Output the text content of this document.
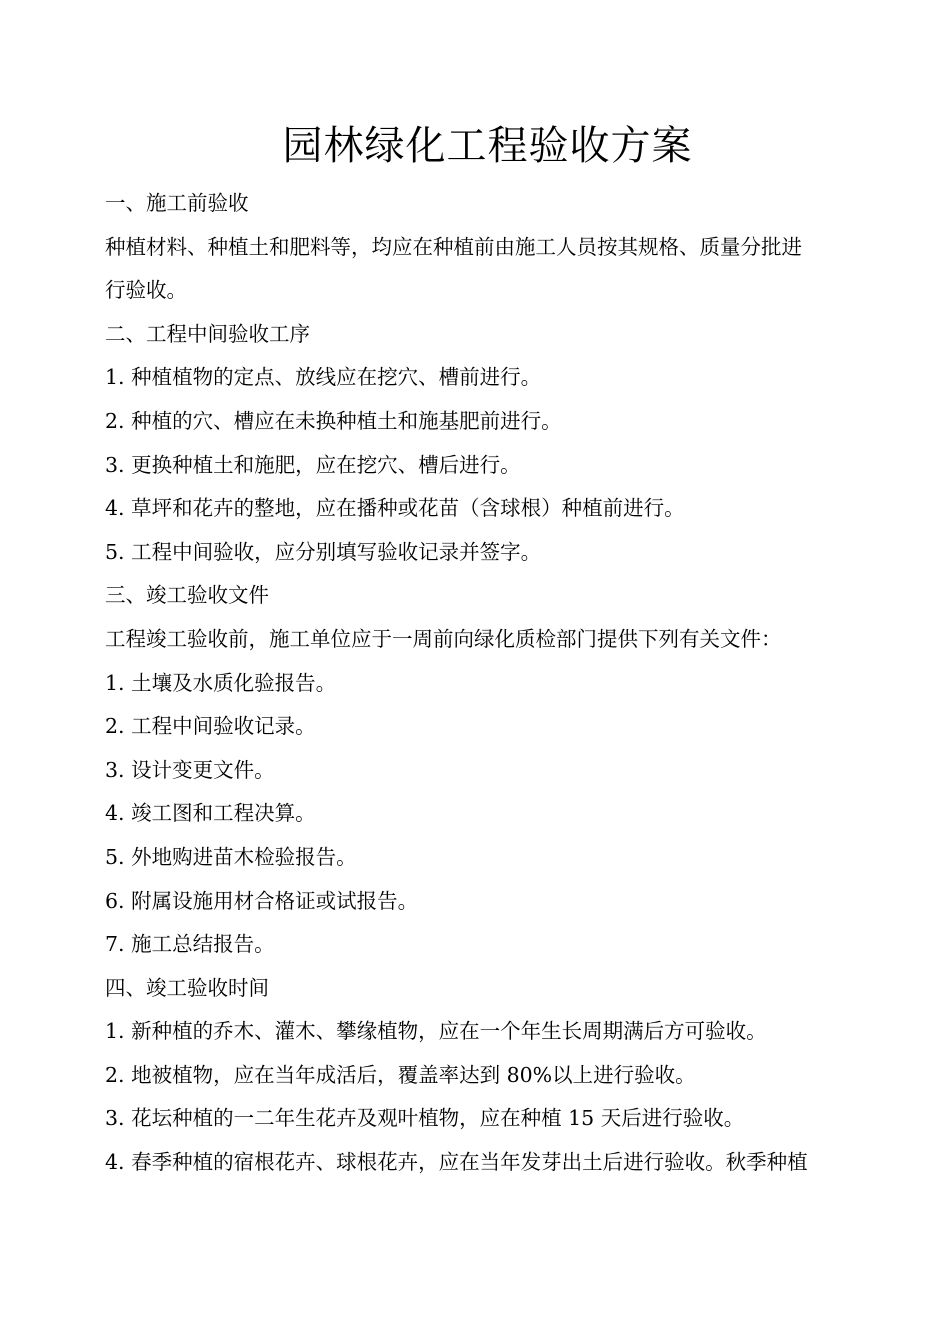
园林绿化工程验收方案
一、施工前验收
种植材料、种植土和肥料等，均应在种植前由施工人员按其规格、质量分批进
行验收。
二、工程中间验收工序
1. 种植植物的定点、放线应在挖穴、槽前进行。
2. 种植的穴、槽应在未换种植土和施基肥前进行。
3. 更换种植土和施肥，应在挖穴、槽后进行。
4. 草坪和花卉的整地，应在播种或花苗（含球根）种植前进行。
5. 工程中间验收，应分别填写验收记录并签字。
三、竣工验收文件
工程竣工验收前，施工单位应于一周前向绿化质检部门提供下列有关文件：
1. 土壤及水质化验报告。
2. 工程中间验收记录。
3. 设计变更文件。
4. 竣工图和工程决算。
5. 外地购进苗木检验报告。
6. 附属设施用材合格证或试报告。
7. 施工总结报告。
四、竣工验收时间
1. 新种植的乔木、灌木、攀缘植物，应在一个年生长周期满后方可验收。
2. 地被植物，应在当年成活后，覆盖率达到 80%以上进行验收。
3. 花坛种植的一二年生花卉及观叶植物，应在种植 15 天后进行验收。
4. 春季种植的宿根花卉、球根花卉，应在当年发芽出土后进行验收。秋季种植
